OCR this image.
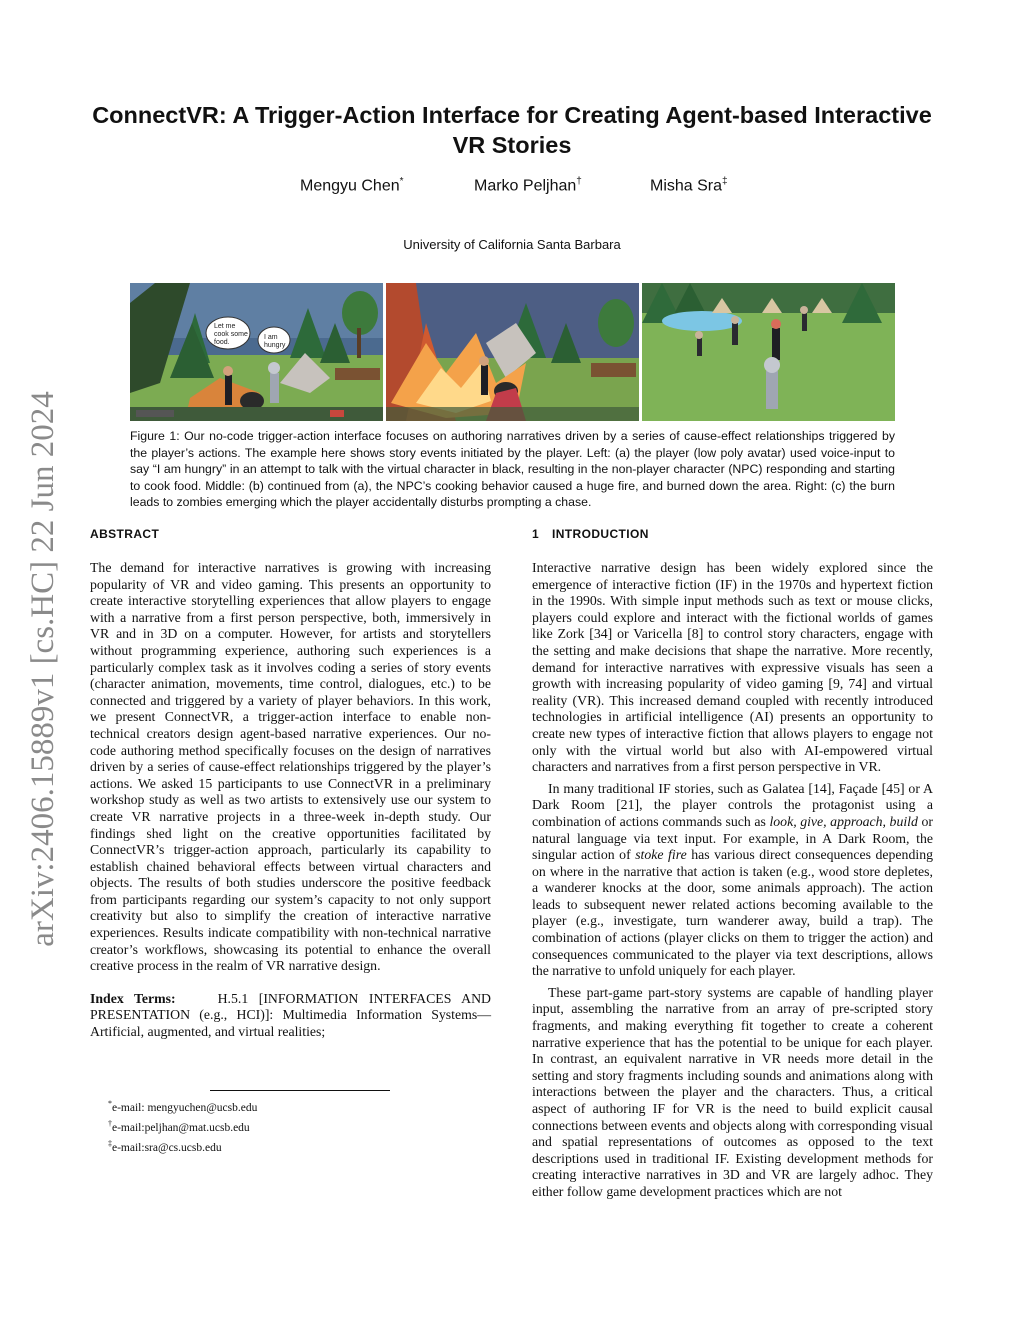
arXiv:2406.15889v1 [cs.HC] 22 Jun 2024
ConnectVR: A Trigger-Action Interface for Creating Agent-based Interactive
VR Stories
Mengyu Chen*	Marko Peljhan†	Misha Sra‡
University of California Santa Barbara
Let me
cook some
food.
I am
hungry
Figure 1: Our no-code trigger-action interface focuses on authoring narratives driven by a series of cause-effect relationships triggered by the player’s actions. The example here shows story events initiated by the player. Left: (a) the player (low poly avatar) used voice-input to say “I am hungry” in an attempt to talk with the virtual character in black, resulting in the non-player character (NPC) responding and starting to cook food. Middle: (b) continued from (a), the NPC’s cooking behavior caused a huge fire, and burned down the area. Right: (c) the burn leads to zombies emerging which the player accidentally disturbs prompting a chase.
ABSTRACT

The demand for interactive narratives is growing with increasing popularity of VR and video gaming. This presents an opportunity to create interactive storytelling experiences that allow players to engage with a narrative from a first person perspective, both, immersively in VR and in 3D on a computer. However, for artists and storytellers without programming experience, authoring such experiences is a particularly complex task as it involves coding a series of story events (character animation, movements, time control, dialogues, etc.) to be connected and triggered by a variety of player behaviors. In this work, we present ConnectVR, a trigger-action interface to enable non-technical creators design agent-based narrative experiences. Our no-code authoring method specifically focuses on the design of narratives driven by a series of cause-effect relationships triggered by the player’s actions. We asked 15 participants to use ConnectVR in a preliminary workshop study as well as two artists to extensively use our system to create VR narrative projects in a three-week in-depth study. Our findings shed light on the creative opportunities facilitated by ConnectVR’s trigger-action approach, particularly its capability to establish chained behavioral effects between virtual characters and objects. The results of both studies underscore the positive feedback from participants regarding our system’s capacity to not only support creativity but also to simplify the creation of interactive narrative experiences. Results indicate compatibility with non-technical narrative creator’s workflows, showcasing its potential to enhance the overall creative process in the realm of VR narrative design.

Index Terms:	H.5.1 [INFORMATION INTERFACES AND PRESENTATION (e.g., HCI)]: Multimedia Information Systems—Artificial, augmented, and virtual realities;

*e-mail: mengyuchen@ucsb.edu
†e-mail:peljhan@mat.ucsb.edu
‡e-mail:sra@cs.ucsb.edu
1 INTRODUCTION

Interactive narrative design has been widely explored since the emergence of interactive fiction (IF) in the 1970s and hypertext fiction in the 1990s. With simple input methods such as text or mouse clicks, players could explore and interact with the fictional worlds of games like Zork [34] or Varicella [8] to control story characters, engage with the setting and make decisions that shape the narrative. More recently, demand for interactive narratives with expressive visuals has seen a growth with increasing popularity of video gaming [9, 74] and virtual reality (VR). This increased demand coupled with recently introduced technologies in artificial intelligence (AI) presents an opportunity to create new types of interactive fiction that allows players to engage not only with the virtual world but also with AI-empowered virtual characters and narratives from a first person perspective in VR.

In many traditional IF stories, such as Galatea [14], Façade [45] or A Dark Room [21], the player controls the protagonist using a combination of actions commands such as look, give, approach, build or natural language via text input. For example, in A Dark Room, the singular action of stoke fire has various direct consequences depending on where in the narrative that action is taken (e.g., wood store depletes, a wanderer knocks at the door, some animals approach). The action leads to subsequent newer related actions becoming available to the player (e.g., investigate, turn wanderer away, build a trap). The combination of actions (player clicks on them to trigger the action) and consequences communicated to the player via text descriptions, allows the narrative to unfold uniquely for each player.

These part-game part-story systems are capable of handling player input, assembling the narrative from an array of pre-scripted story fragments, and making everything fit together to create a coherent narrative experience that has the potential to be unique for each player. In contrast, an equivalent narrative in VR needs more detail in the setting and story fragments including sounds and animations along with interactions between the player and the characters. Thus, a critical aspect of authoring IF for VR is the need to build explicit causal connections between events and objects along with corresponding visual and spatial representations of outcomes as opposed to the text descriptions used in traditional IF. Existing development methods for creating interactive narratives in 3D and VR are largely adhoc. They either follow game development practices which are not
